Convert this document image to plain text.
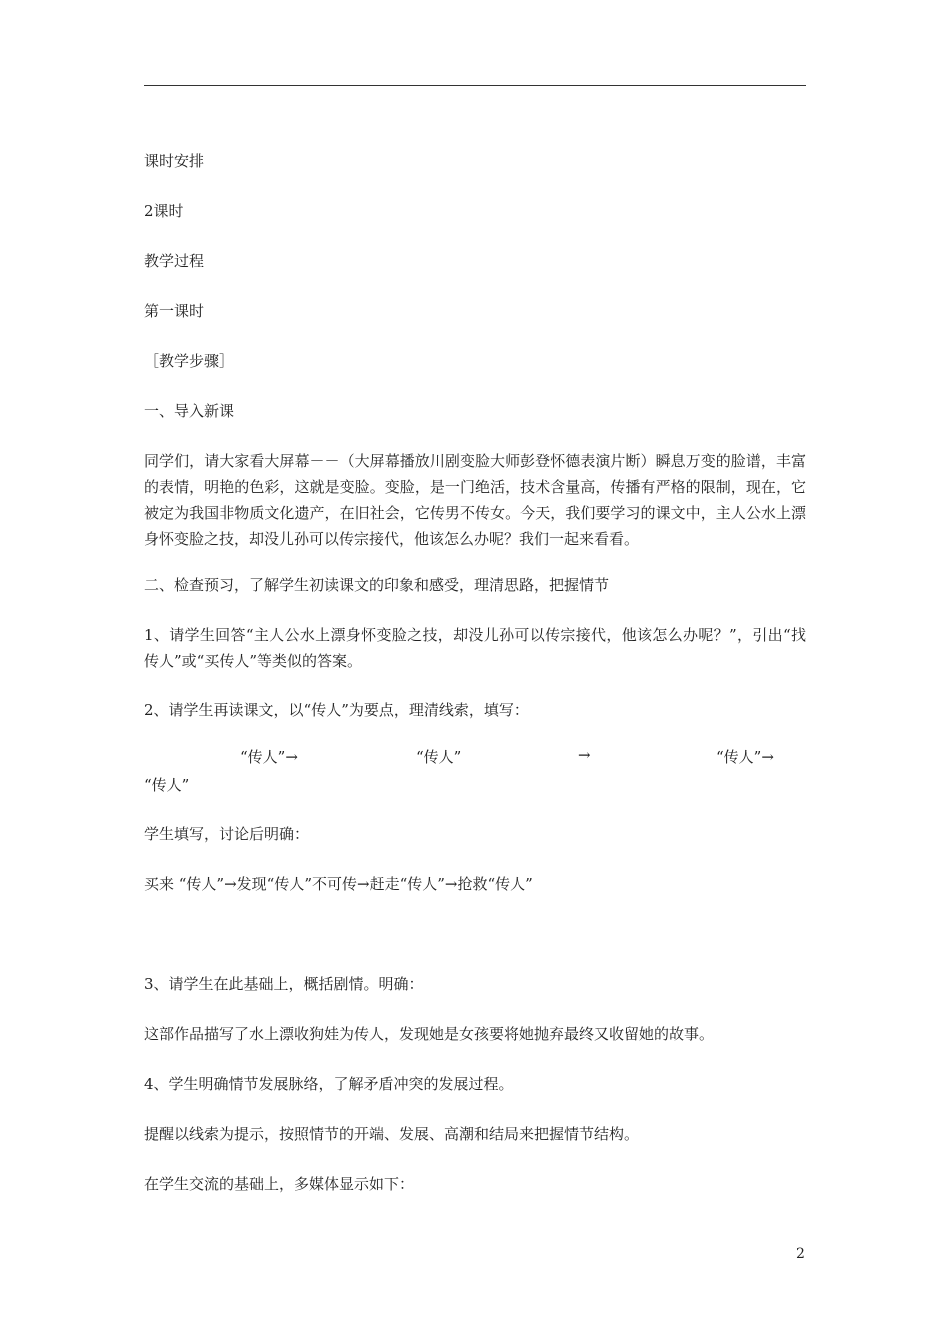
课时安排
2课时
教学过程
第一课时
［教学步骤］
一、导入新课
同学们，请大家看大屏幕－－（大屏幕播放川剧变脸大师彭登怀德表演片断）瞬息万变的脸谱，丰富的表情，明艳的色彩，这就是变脸。变脸，是一门绝活，技术含量高，传播有严格的限制，现在，它被定为我国非物质文化遗产，在旧社会，它传男不传女。今天，我们要学习的课文中，主人公水上漂身怀变脸之技，却没儿孙可以传宗接代，他该怎么办呢？我们一起来看看。
二、检查预习，了解学生初读课文的印象和感受，理清思路，把握情节
1、请学生回答“主人公水上漂身怀变脸之技，却没儿孙可以传宗接代，他该怎么办呢？”，引出“找传人”或“买传人”等类似的答案。
2、请学生再读课文，以“传人”为要点，理清线索，填写：
“传人”→	“传人”	→	“传人”→
“传人”
学生填写，讨论后明确：
买来 “传人”→发现“传人”不可传→赶走“传人”→抢救“传人”
3、请学生在此基础上，概括剧情。明确：
这部作品描写了水上漂收狗娃为传人，发现她是女孩要将她抛弃最终又收留她的故事。
4、学生明确情节发展脉络，了解矛盾冲突的发展过程。
提醒以线索为提示，按照情节的开端、发展、高潮和结局来把握情节结构。
在学生交流的基础上，多媒体显示如下：
2
